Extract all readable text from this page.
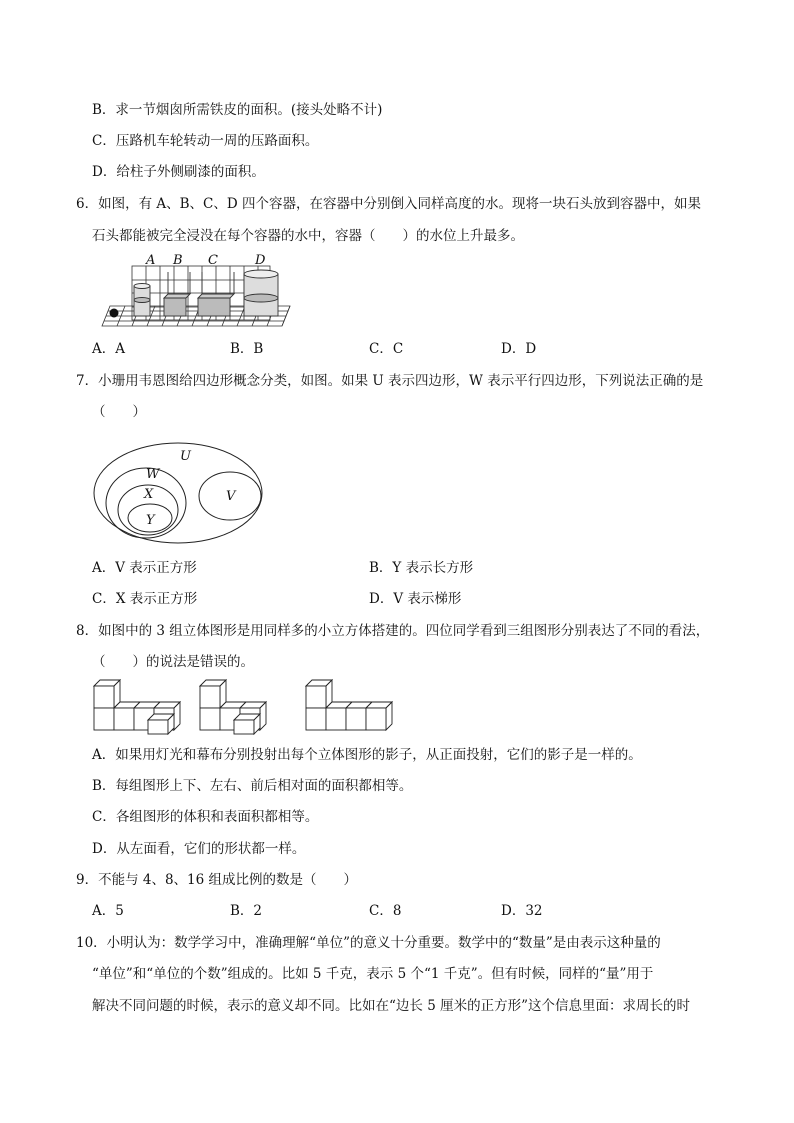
B．求一节烟囱所需铁皮的面积。(接头处略不计)
C．压路机车轮转动一周的压路面积。
D．给柱子外侧刷漆的面积。
6．如图，有 A、B、C、D 四个容器，在容器中分别倒入同样高度的水。现将一块石头放到容器中，如果
石头都能被完全浸没在每个容器的水中，容器（　　）的水位上升最多。
A B C	D
A．A	B．B	C．C	D．D
7．小珊用韦恩图给四边形概念分类，如图。如果 U 表示四边形，W 表示平行四边形，下列说法正确的是
（　　）
U
W
X
Y
V
A．V 表示正方形	B．Y 表示长方形
C．X 表示正方形	D．V 表示梯形
8．如图中的 3 组立体图形是用同样多的小立方体搭建的。四位同学看到三组图形分别表达了不同的看法，
（　　）的说法是错误的。
A．如果用灯光和幕布分别投射出每个立体图形的影子，从正面投射，它们的影子是一样的。
B．每组图形上下、左右、前后相对面的面积都相等。
C．各组图形的体积和表面积都相等。
D．从左面看，它们的形状都一样。
9．不能与 4、8、16 组成比例的数是（　　）
A．5	B．2	C．8	D．32
10．小明认为：数学学习中，准确理解“单位”的意义十分重要。数学中的“数量”是由表示这种量的
“单位”和“单位的个数”组成的。比如 5 千克，表示 5 个“1 千克”。但有时候，同样的“量”用于
解决不同问题的时候，表示的意义却不同。比如在“边长 5 厘米的正方形”这个信息里面：求周长的时
